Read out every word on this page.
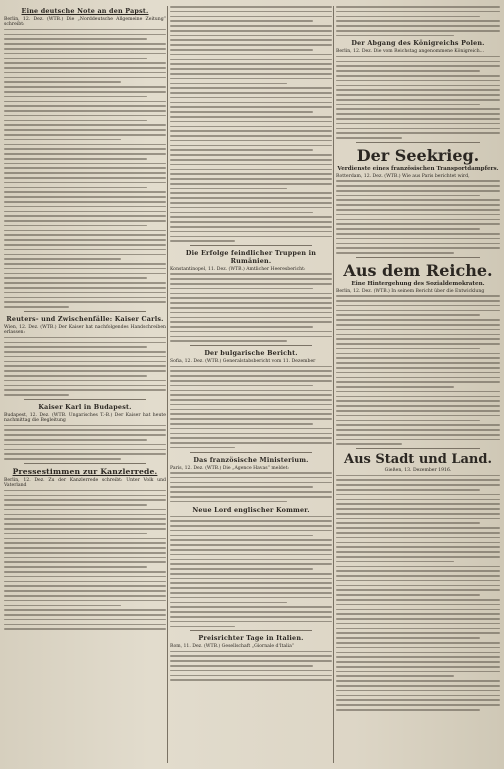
Eine deutsche Note an den Papst.
Berlin, 12. Dez. (WTB.) Die „Norddeutsche Allgemeine Zeitung“ schreibt:
Reuters- und Zwischenfälle: Kaiser Carls.
Wien, 12. Dez. (WTB.) Der Kaiser hat nachfolgendes Handschreiben erlassen:
Kaiser Karl in Budapest.
Budapest, 12. Dez. (WTB. Ungarisches T.-B.) Der Kaiser hat heute nachmittag die Begleitung
Pressestimmen zur Kanzlerrede.
Berlin, 12. Dez. Zu der Kanzlerrede schreibt: Unter Volk und Vaterland
Die Erfolge feindlicher Truppen in Rumänien.
Konstantinopel, 11. Dez. (WTB.) Amtlicher Heeresbericht:
Der bulgarische Bericht.
Sofia, 12. Dez. (WTB.) Generalstabsbericht vom 11. Dezember
Das französische Ministerium.
Paris, 12. Dez. (WTB.) Die „Agence Havas“ meldet:
Neue Lord englischer Kommer.
Preisrichter Tage in Italien.
Rom, 11. Dez. (WTB.) Gesellschaft „Giornale d'Italia“
Der Abgang des Königreichs Polen.
Berlin, 12. Dez. Die vom Reichstag angenommene Königreich...
Der Seekrieg.
Verdienste eines französischen Transportdampfers.
Rotterdam, 12. Dez. (WTB.) Wie aus Paris berichtet wird,
Aus dem Reiche.
Eine Hintergehung des Sozialdemokraten.
Berlin, 12. Dez. (WTB.) In seinem Bericht über die Entwicklung
Aus Stadt und Land.
Gießen, 13. Dezember 1916.
